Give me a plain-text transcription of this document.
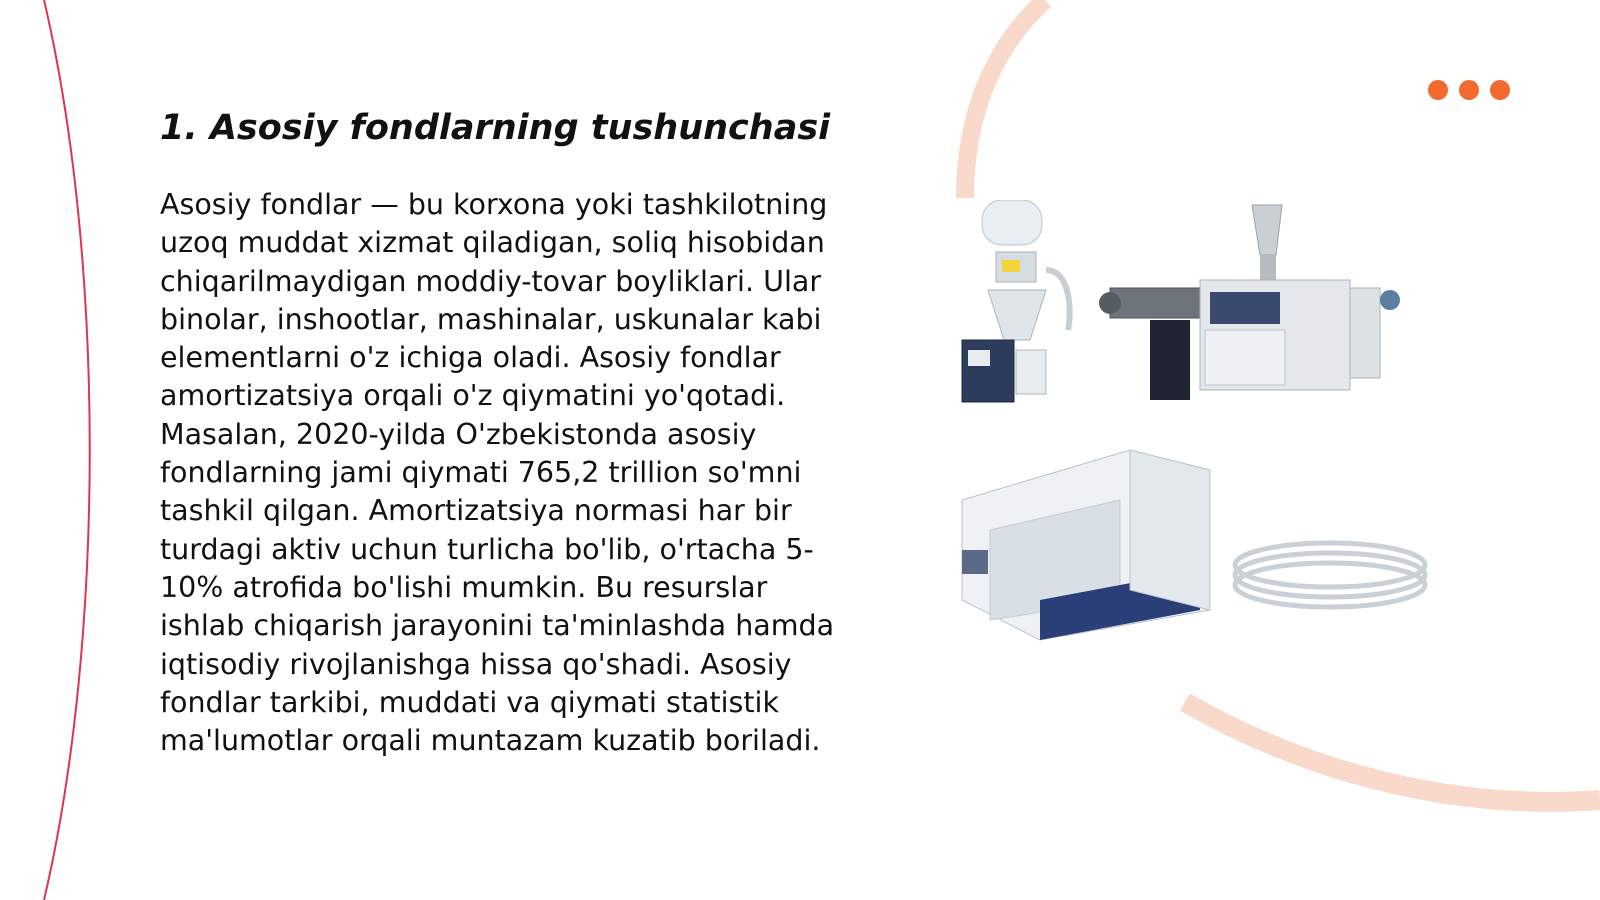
1. Asosiy fondlarning tushunchasi

Asosiy fondlar — bu korxona yoki tashkilotning uzoq muddat xizmat qiladigan, soliq hisobidan chiqarilmaydigan moddiy-tovar boyliklari. Ular binolar, inshootlar, mashinalar, uskunalar kabi elementlarni o'z ichiga oladi. Asosiy fondlar amortizatsiya orqali o'z qiymatini yo'qotadi. Masalan, 2020-yilda O'zbekistonda asosiy fondlarning jami qiymati 765,2 trillion so'mni tashkil qilgan. Amortizatsiya normasi har bir turdagi aktiv uchun turlicha bo'lib, o'rtacha 5-10% atrofida bo'lishi mumkin. Bu resurslar ishlab chiqarish jarayonini ta'minlashda hamda iqtisodiy rivojlanishga hissa qo'shadi. Asosiy fondlar tarkibi, muddati va qiymati statistik ma'lumotlar orqali muntazam kuzatib boriladi.
